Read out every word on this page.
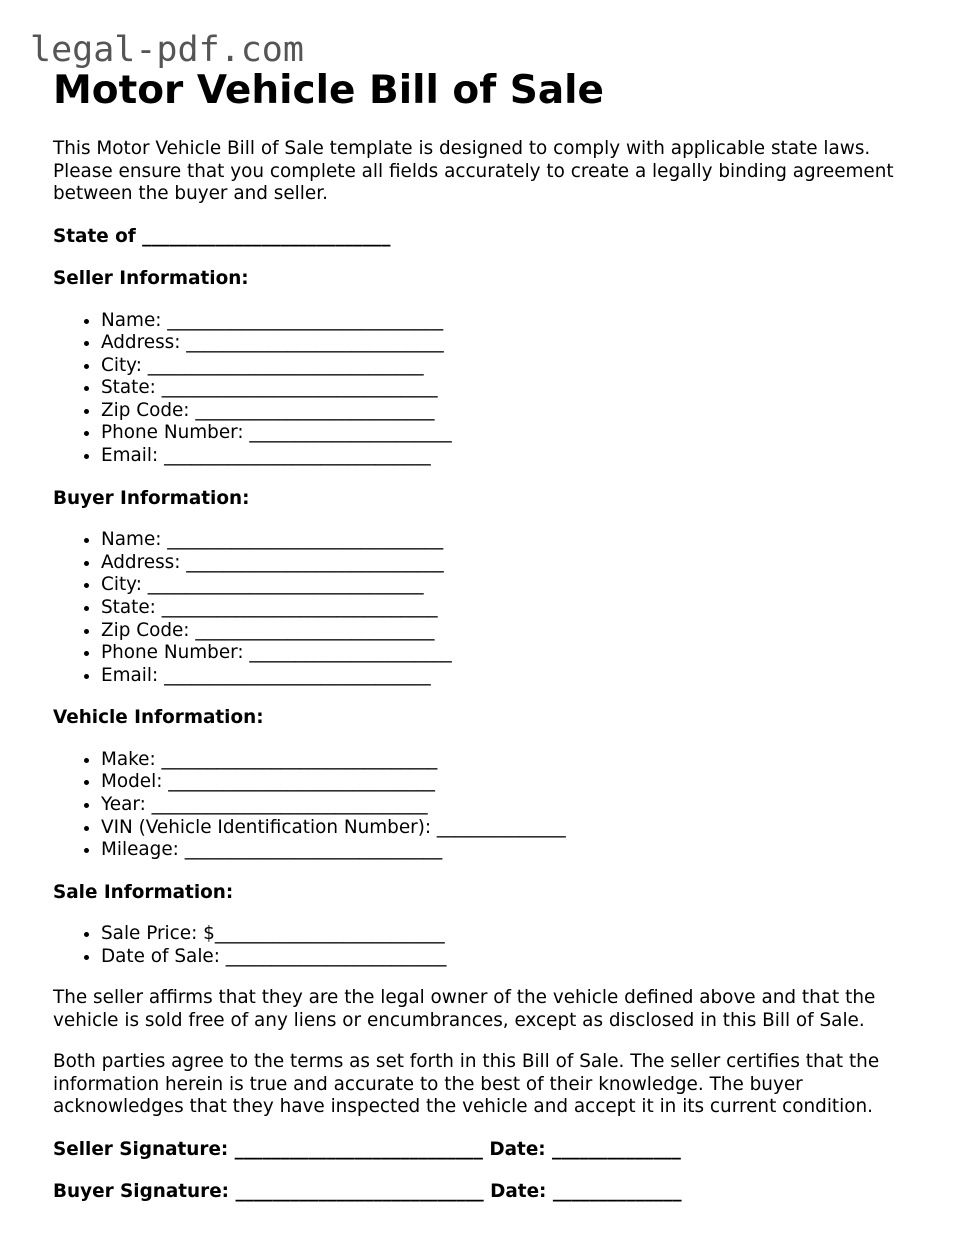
legal-pdf.com
Motor Vehicle Bill of Sale

This Motor Vehicle Bill of Sale template is designed to comply with applicable state laws. Please ensure that you complete all fields accurately to create a legally binding agreement between the buyer and seller.

State of ___________________________

Seller Information:

• Name: ______________________________
• Address: ____________________________
• City: ______________________________
• State: ______________________________
• Zip Code: __________________________
• Phone Number: ______________________
• Email: _____________________________

Buyer Information:

• Name: ______________________________
• Address: ____________________________
• City: ______________________________
• State: ______________________________
• Zip Code: __________________________
• Phone Number: ______________________
• Email: _____________________________

Vehicle Information:

• Make: ______________________________
• Model: _____________________________
• Year: ______________________________
• VIN (Vehicle Identification Number): ______________
• Mileage: ____________________________

Sale Information:

• Sale Price: $_________________________
• Date of Sale: ________________________

The seller affirms that they are the legal owner of the vehicle defined above and that the vehicle is sold free of any liens or encumbrances, except as disclosed in this Bill of Sale.

Both parties agree to the terms as set forth in this Bill of Sale. The seller certifies that the information herein is true and accurate to the best of their knowledge. The buyer acknowledges that they have inspected the vehicle and accept it in its current condition.

Seller Signature: ___________________________ Date: ______________

Buyer Signature: ___________________________ Date: ______________
